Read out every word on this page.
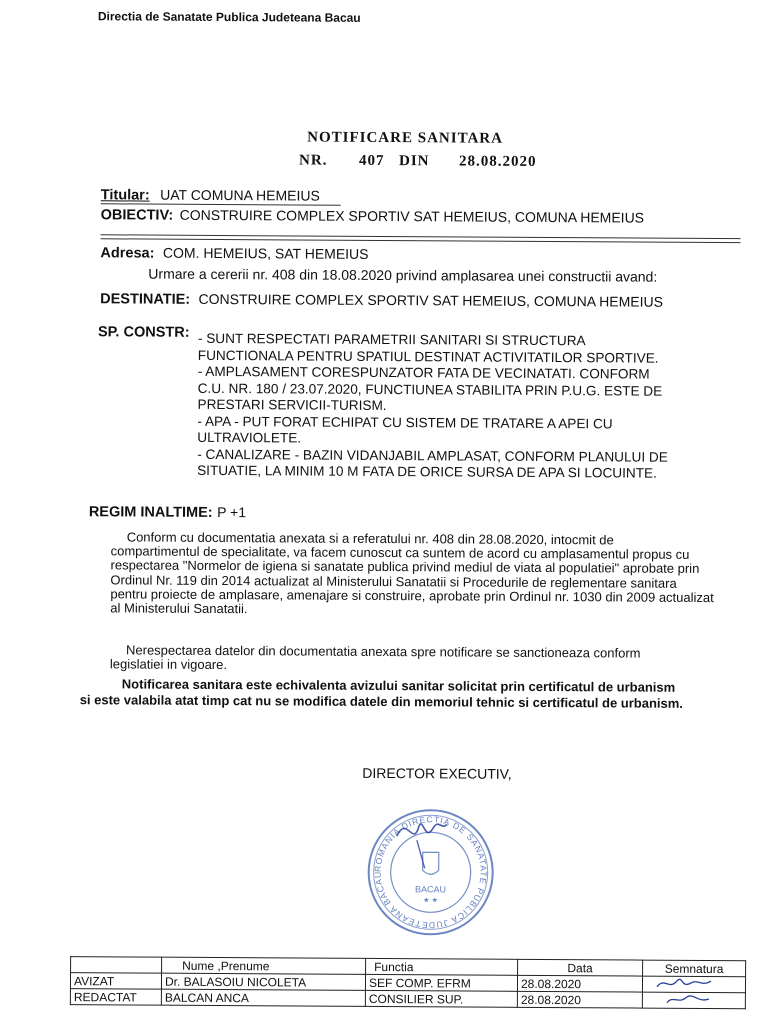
Directia de Sanatate Publica Judeteana Bacau
NOTIFICARE SANITARA
NR. 407 DIN 28.08.2020
Titular: UAT COMUNA HEMEIUS
OBIECTIV: CONSTRUIRE COMPLEX SPORTIV SAT HEMEIUS, COMUNA HEMEIUS
Adresa: COM. HEMEIUS, SAT HEMEIUS
Urmare a cererii nr. 408 din 18.08.2020 privind amplasarea unei constructii avand:
DESTINATIE: CONSTRUIRE COMPLEX SPORTIV SAT HEMEIUS, COMUNA HEMEIUS
SP. CONSTR: - SUNT RESPECTATI PARAMETRII SANITARI SI STRUCTURA
FUNCTIONALA PENTRU SPATIUL DESTINAT ACTIVITATILOR SPORTIVE.
- AMPLASAMENT CORESPUNZATOR FATA DE VECINATATI. CONFORM
C.U. NR. 180 / 23.07.2020, FUNCTIUNEA STABILITA PRIN P.U.G. ESTE DE
PRESTARI SERVICII-TURISM.
- APA - PUT FORAT ECHIPAT CU SISTEM DE TRATARE A APEI CU
ULTRAVIOLETE.
- CANALIZARE - BAZIN VIDANJABIL AMPLASAT, CONFORM PLANULUI DE
SITUATIE, LA MINIM 10 M FATA DE ORICE SURSA DE APA SI LOCUINTE.
REGIM INALTIME: P +1
Conform cu documentatia anexata si a referatului nr. 408 din 28.08.2020, intocmit de
compartimentul de specialitate, va facem cunoscut ca suntem de acord cu amplasamentul propus cu
respectarea "Normelor de igiena si sanatate publica privind mediul de viata al populatiei" aprobate prin
Ordinul Nr. 119 din 2014 actualizat al Ministerului Sanatatii si Procedurile de reglementare sanitara
pentru proiecte de amplasare, amenajare si construire, aprobate prin Ordinul nr. 1030 din 2009 actualizat
al Ministerului Sanatatii.
Nerespectarea datelor din documentatia anexata spre notificare se sanctioneaza conform
legislatiei in vigoare.
Notificarea sanitara este echivalenta avizului sanitar solicitat prin certificatul de urbanism
si este valabila atat timp cat nu se modifica datele din memoriul tehnic si certificatul de urbanism.
DIRECTOR EXECUTIV,
ROMANIA DIRECTIA DE SANATATE PUBLICA JUDETEANA BACAU
BACAU
★ ★
	Nume ,Prenume	Functia	Data	Semnatura
AVIZAT	Dr. BALASOIU NICOLETA	SEF COMP. EFRM	28.08.2020	

REDACTAT	BALCAN ANCA	CONSILIER SUP.	28.08.2020	
